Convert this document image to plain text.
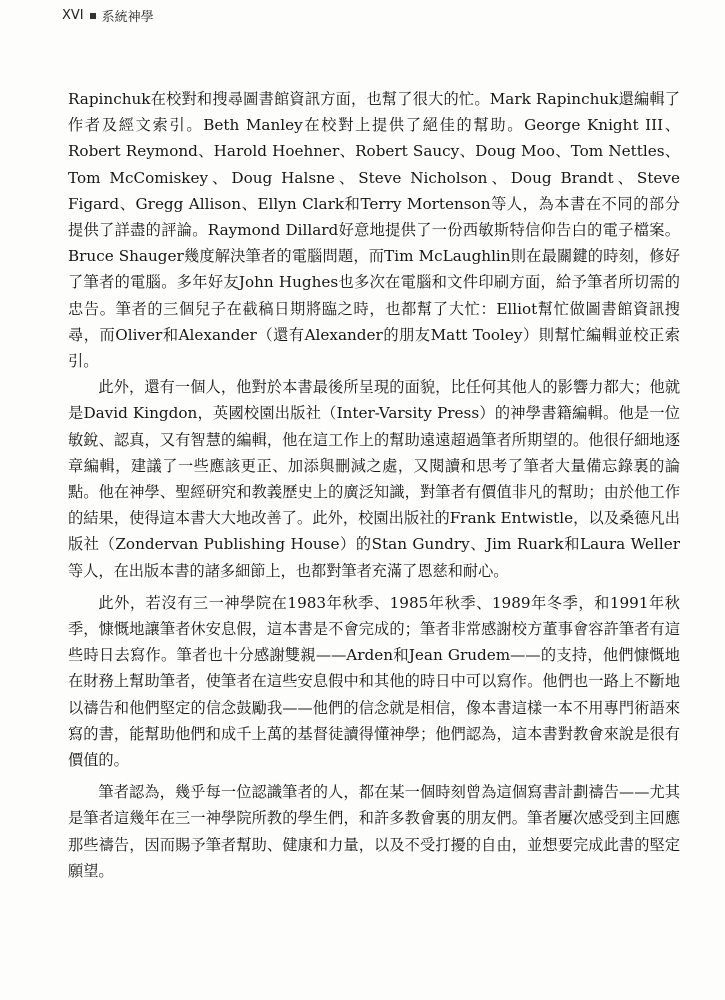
XVI 系統神學

Rapinchuk在校對和搜尋圖書館資訊方面，也幫了很大的忙。Mark Rapinchuk還編輯了作者及經文索引。Beth Manley在校對上提供了絕佳的幫助。George Knight III、Robert Reymond、Harold Hoehner、Robert Saucy、Doug Moo、Tom Nettles、Tom McComiskey、Doug Halsne、Steve Nicholson、Doug Brandt、Steve Figard、Gregg Allison、Ellyn Clark和Terry Mortenson等人，為本書在不同的部分提供了詳盡的評論。Raymond Dillard好意地提供了一份西敏斯特信仰告白的電子檔案。Bruce Shauger幾度解決筆者的電腦問題，而Tim McLaughlin則在最關鍵的時刻，修好了筆者的電腦。多年好友John Hughes也多次在電腦和文件印刷方面，給予筆者所切需的忠告。筆者的三個兒子在截稿日期將臨之時，也都幫了大忙：Elliot幫忙做圖書館資訊搜尋，而Oliver和Alexander（還有Alexander的朋友Matt Tooley）則幫忙編輯並校正索引。

此外，還有一個人，他對於本書最後所呈現的面貌，比任何其他人的影響力都大；他就是David Kingdon，英國校園出版社（Inter-Varsity Press）的神學書籍編輯。他是一位敏銳、認真，又有智慧的編輯，他在這工作上的幫助遠遠超過筆者所期望的。他很仔細地逐章編輯，建議了一些應該更正、加添與刪減之處，又閱讀和思考了筆者大量備忘錄裏的論點。他在神學、聖經研究和教義歷史上的廣泛知識，對筆者有價值非凡的幫助；由於他工作的結果，使得這本書大大地改善了。此外，校園出版社的Frank Entwistle，以及桑德凡出版社（Zondervan Publishing House）的Stan Gundry、Jim Ruark和Laura Weller等人，在出版本書的諸多細節上，也都對筆者充滿了恩慈和耐心。

此外，若沒有三一神學院在1983年秋季、1985年秋季、1989年冬季，和1991年秋季，慷慨地讓筆者休安息假，這本書是不會完成的；筆者非常感謝校方董事會容許筆者有這些時日去寫作。筆者也十分感謝雙親——Arden和Jean Grudem——的支持，他們慷慨地在財務上幫助筆者，使筆者在這些安息假中和其他的時日中可以寫作。他們也一路上不斷地以禱告和他們堅定的信念鼓勵我——他們的信念就是相信，像本書這樣一本不用專門術語來寫的書，能幫助他們和成千上萬的基督徒讀得懂神學；他們認為，這本書對教會來說是很有價值的。

筆者認為，幾乎每一位認識筆者的人，都在某一個時刻曾為這個寫書計劃禱告——尤其是筆者這幾年在三一神學院所教的學生們，和許多教會裏的朋友們。筆者屢次感受到主回應那些禱告，因而賜予筆者幫助、健康和力量，以及不受打擾的自由，並想要完成此書的堅定願望。
